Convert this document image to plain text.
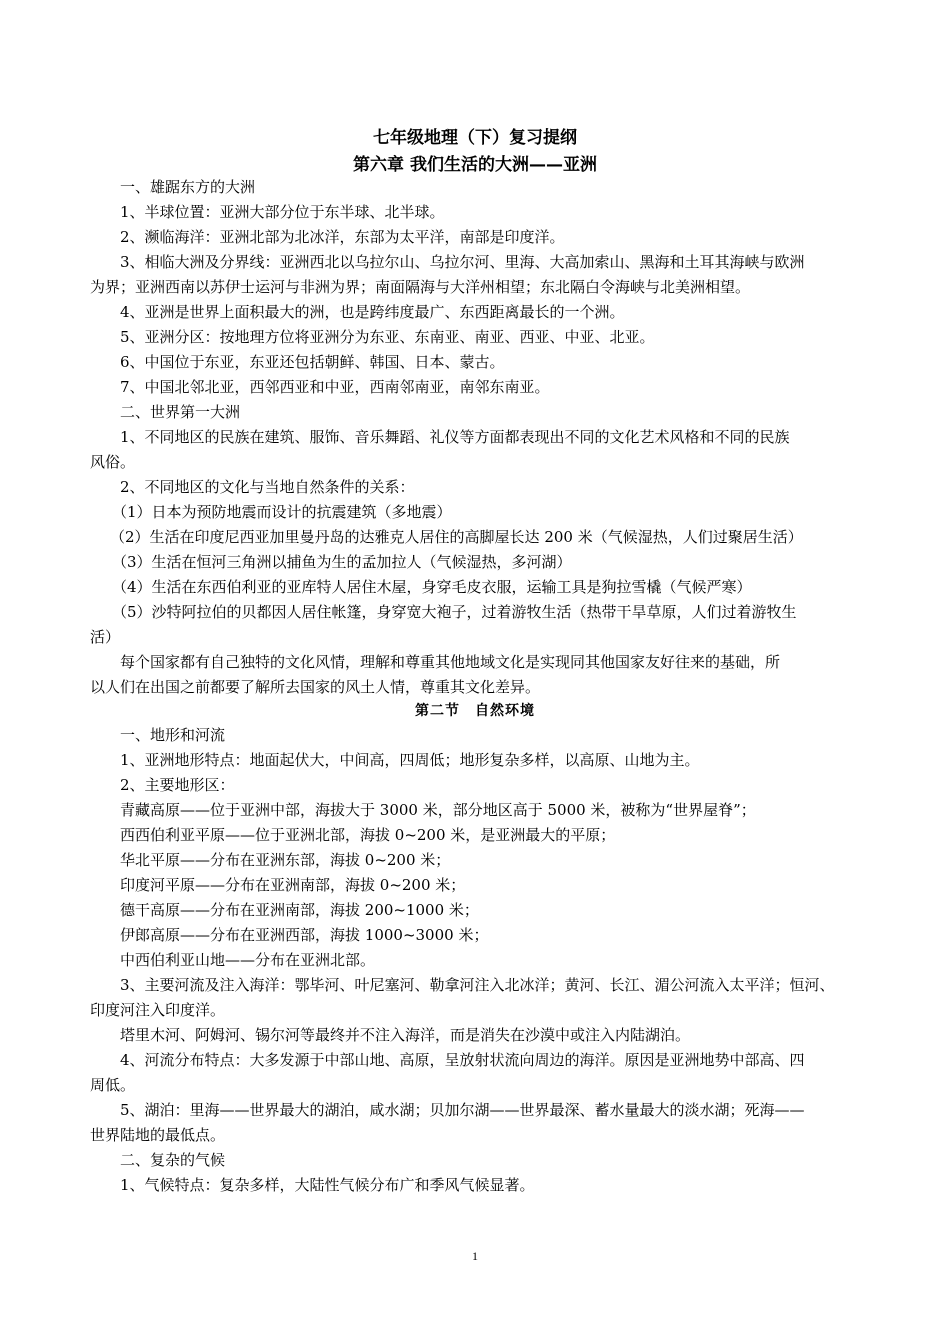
七年级地理（下）复习提纲
第六章 我们生活的大洲——亚洲
一、雄踞东方的大洲
1、半球位置：亚洲大部分位于东半球、北半球。
2、濒临海洋：亚洲北部为北冰洋，东部为太平洋，南部是印度洋。
3、相临大洲及分界线：亚洲西北以乌拉尔山、乌拉尔河、里海、大高加索山、黑海和土耳其海峡与欧洲
为界；亚洲西南以苏伊士运河与非洲为界；南面隔海与大洋州相望；东北隔白令海峡与北美洲相望。
4、亚洲是世界上面积最大的洲，也是跨纬度最广、东西距离最长的一个洲。
5、亚洲分区：按地理方位将亚洲分为东亚、东南亚、南亚、西亚、中亚、北亚。
6、中国位于东亚，东亚还包括朝鲜、韩国、日本、蒙古。
7、中国北邻北亚，西邻西亚和中亚，西南邻南亚，南邻东南亚。
二、世界第一大洲
1、不同地区的民族在建筑、服饰、音乐舞蹈、礼仪等方面都表现出不同的文化艺术风格和不同的民族
风俗。
2、不同地区的文化与当地自然条件的关系：
（1）日本为预防地震而设计的抗震建筑（多地震）
（2）生活在印度尼西亚加里曼丹岛的达雅克人居住的高脚屋长达 200 米（气候湿热，人们过聚居生活）
（3）生活在恒河三角洲以捕鱼为生的孟加拉人（气候湿热，多河湖）
（4）生活在东西伯利亚的亚库特人居住木屋，身穿毛皮衣服，运输工具是狗拉雪橇（气候严寒）
（5）沙特阿拉伯的贝都因人居住帐篷，身穿宽大袍子，过着游牧生活（热带干旱草原，人们过着游牧生
活）
每个国家都有自己独特的文化风情，理解和尊重其他地域文化是实现同其他国家友好往来的基础，所
以人们在出国之前都要了解所去国家的风土人情，尊重其文化差异。
第二节　自然环境
一、地形和河流
1、亚洲地形特点：地面起伏大，中间高，四周低；地形复杂多样，以高原、山地为主。
2、主要地形区：
青藏高原——位于亚洲中部，海拔大于 3000 米，部分地区高于 5000 米，被称为“世界屋脊”；
西西伯利亚平原——位于亚洲北部，海拔 0~200 米，是亚洲最大的平原；
华北平原——分布在亚洲东部，海拔 0~200 米；
印度河平原——分布在亚洲南部，海拔 0~200 米；
德干高原——分布在亚洲南部，海拔 200~1000 米；
伊郎高原——分布在亚洲西部，海拔 1000~3000 米；
中西伯利亚山地——分布在亚洲北部。
3、主要河流及注入海洋：鄂毕河、叶尼塞河、勒拿河注入北冰洋；黄河、长江、湄公河流入太平洋；恒河、
印度河注入印度洋。
塔里木河、阿姆河、锡尔河等最终并不注入海洋，而是消失在沙漠中或注入内陆湖泊。
4、河流分布特点：大多发源于中部山地、高原，呈放射状流向周边的海洋。原因是亚洲地势中部高、四
周低。
5、湖泊：里海——世界最大的湖泊，咸水湖；贝加尔湖——世界最深、蓄水量最大的淡水湖；死海——
世界陆地的最低点。
二、复杂的气候
1、气候特点：复杂多样，大陆性气候分布广和季风气候显著。
1
